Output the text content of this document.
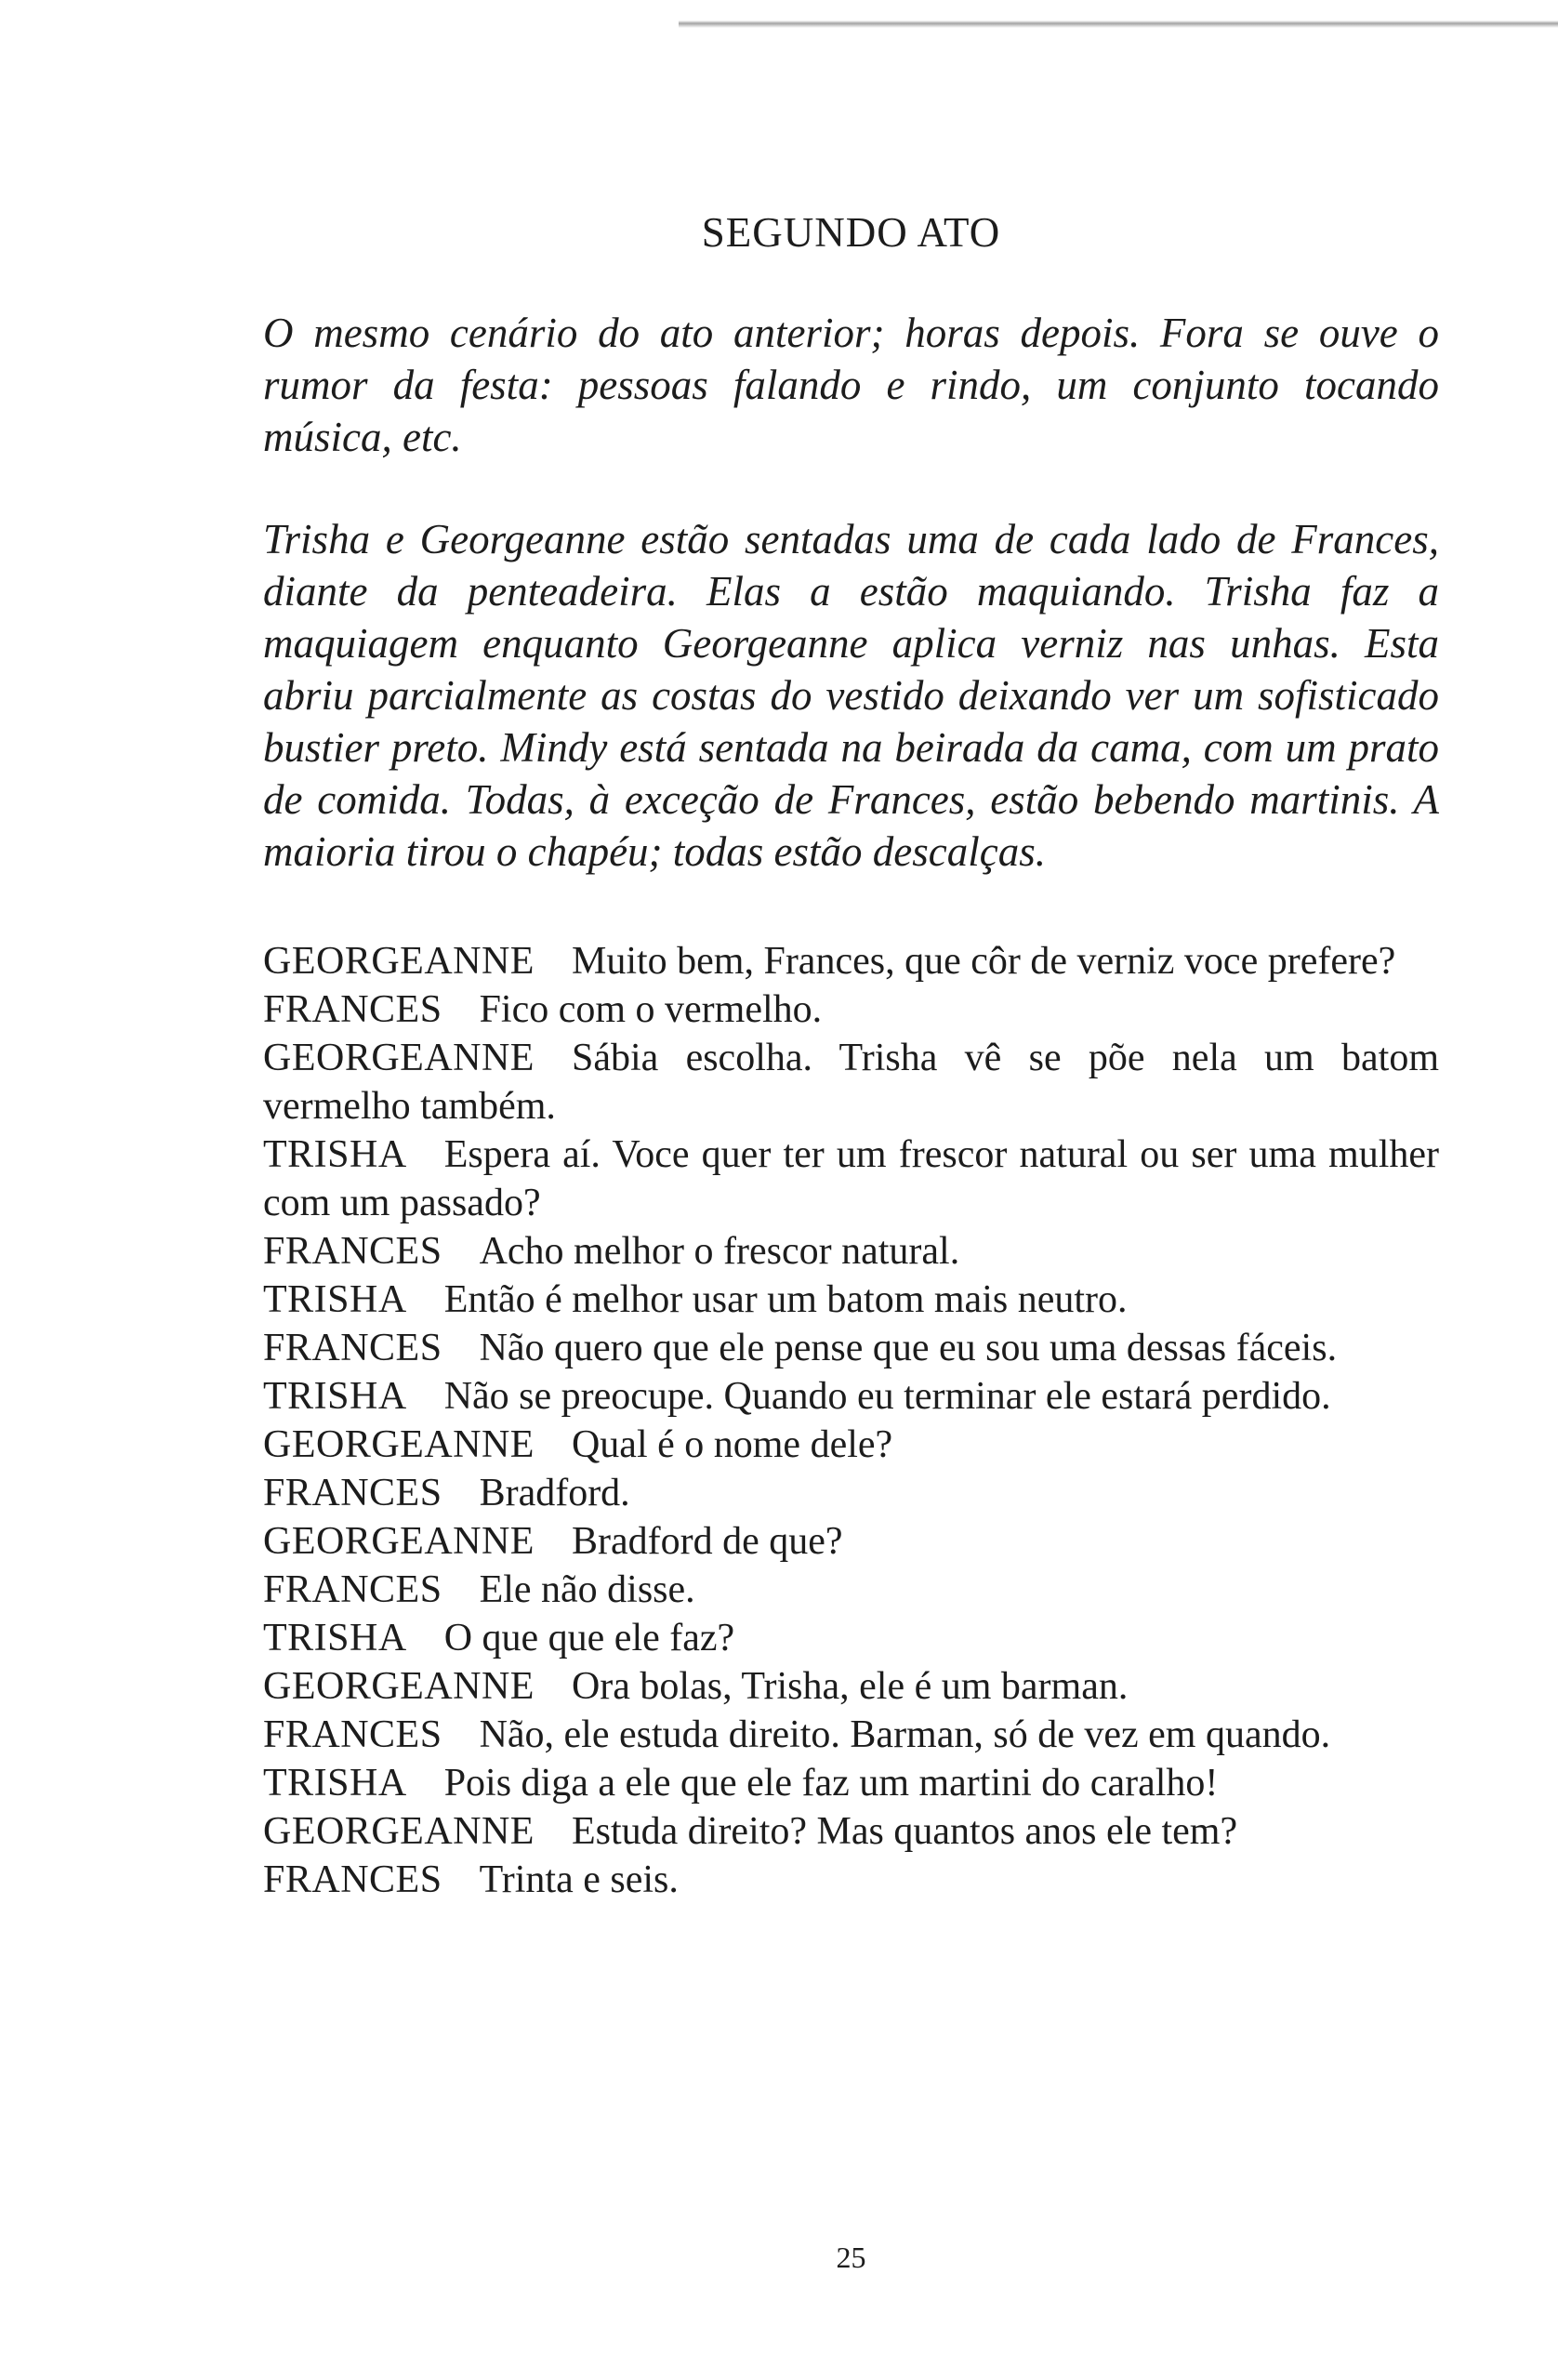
SEGUNDO ATO

O mesmo cenário do ato anterior; horas depois. Fora se ouve o rumor da festa: pessoas falando e rindo, um conjunto tocando música, etc.

Trisha e Georgeanne estão sentadas uma de cada lado de Frances, diante da penteadeira. Elas a estão maquiando. Trisha faz a maquiagem enquanto Georgeanne aplica verniz nas unhas. Esta abriu parcialmente as costas do vestido deixando ver um sofisticado bustier preto. Mindy está sentada na beirada da cama, com um prato de comida. Todas, à exceção de Frances, estão bebendo martinis. A maioria tirou o chapéu; todas estão descalças.

GEORGEANNE Muito bem, Frances, que côr de verniz voce prefere?

FRANCES Fico com o vermelho.

GEORGEANNE Sábia escolha. Trisha vê se põe nela um batom vermelho também.

TRISHA Espera aí. Voce quer ter um frescor natural ou ser uma mulher com um passado?

FRANCES Acho melhor o frescor natural.

TRISHA Então é melhor usar um batom mais neutro.

FRANCES Não quero que ele pense que eu sou uma dessas fáceis.

TRISHA Não se preocupe. Quando eu terminar ele estará perdido.

GEORGEANNE Qual é o nome dele?

FRANCES Bradford.

GEORGEANNE Bradford de que?

FRANCES Ele não disse.

TRISHA O que que ele faz?

GEORGEANNE Ora bolas, Trisha, ele é um barman.

FRANCES Não, ele estuda direito. Barman, só de vez em quando.

TRISHA Pois diga a ele que ele faz um martini do caralho!

GEORGEANNE Estuda direito? Mas quantos anos ele tem?

FRANCES Trinta e seis.

25
